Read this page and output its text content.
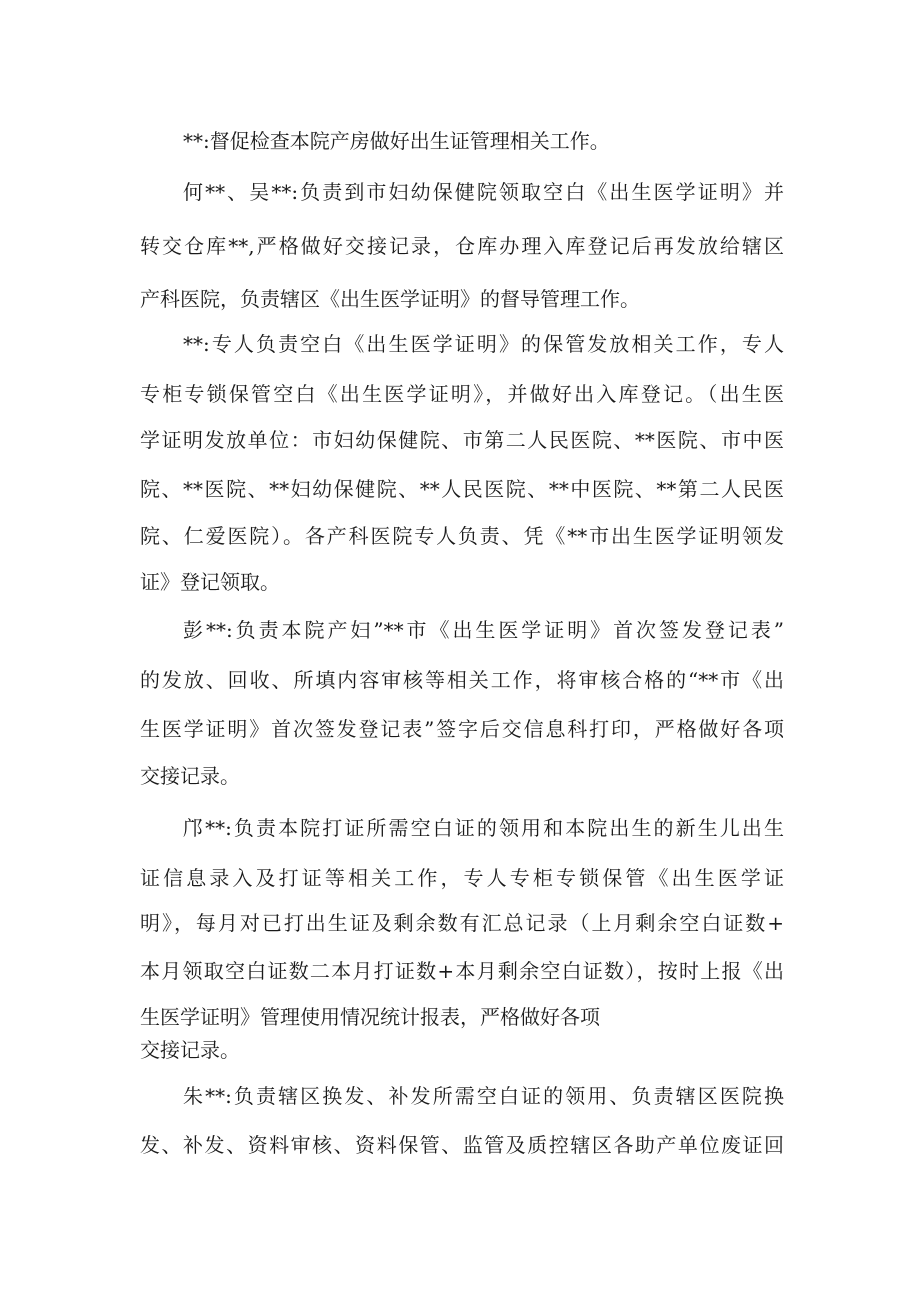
**:督促检查本院产房做好出生证管理相关工作。
何**、吴**:负责到市妇幼保健院领取空白《出生医学证明》并
转交仓库**,严格做好交接记录，仓库办理入库登记后再发放给辖区
产科医院，负责辖区《出生医学证明》的督导管理工作。
**:专人负责空白《出生医学证明》的保管发放相关工作，专人
专柜专锁保管空白《出生医学证明》，并做好出入库登记。（出生医
学证明发放单位：市妇幼保健院、市第二人民医院、**医院、市中医
院、**医院、**妇幼保健院、**人民医院、**中医院、**第二人民医
院、仁爱医院）。各产科医院专人负责、凭《**市出生医学证明领发
证》登记领取。
彭**:负责本院产妇”**市《出生医学证明》首次签发登记表”
的发放、回收、所填内容审核等相关工作，将审核合格的“**市《出
生医学证明》首次签发登记表”签字后交信息科打印，严格做好各项
交接记录。
邝**:负责本院打证所需空白证的领用和本院出生的新生儿出生
证信息录入及打证等相关工作，专人专柜专锁保管《出生医学证
明》，每月对已打出生证及剩余数有汇总记录（上月剩余空白证数+
本月领取空白证数二本月打证数+本月剩余空白证数），按时上报《出
生医学证明》管理使用情况统计报表，严格做好各项
交接记录。
朱**:负责辖区换发、补发所需空白证的领用、负责辖区医院换
发、补发、资料审核、资料保管、监管及质控辖区各助产单位废证回
